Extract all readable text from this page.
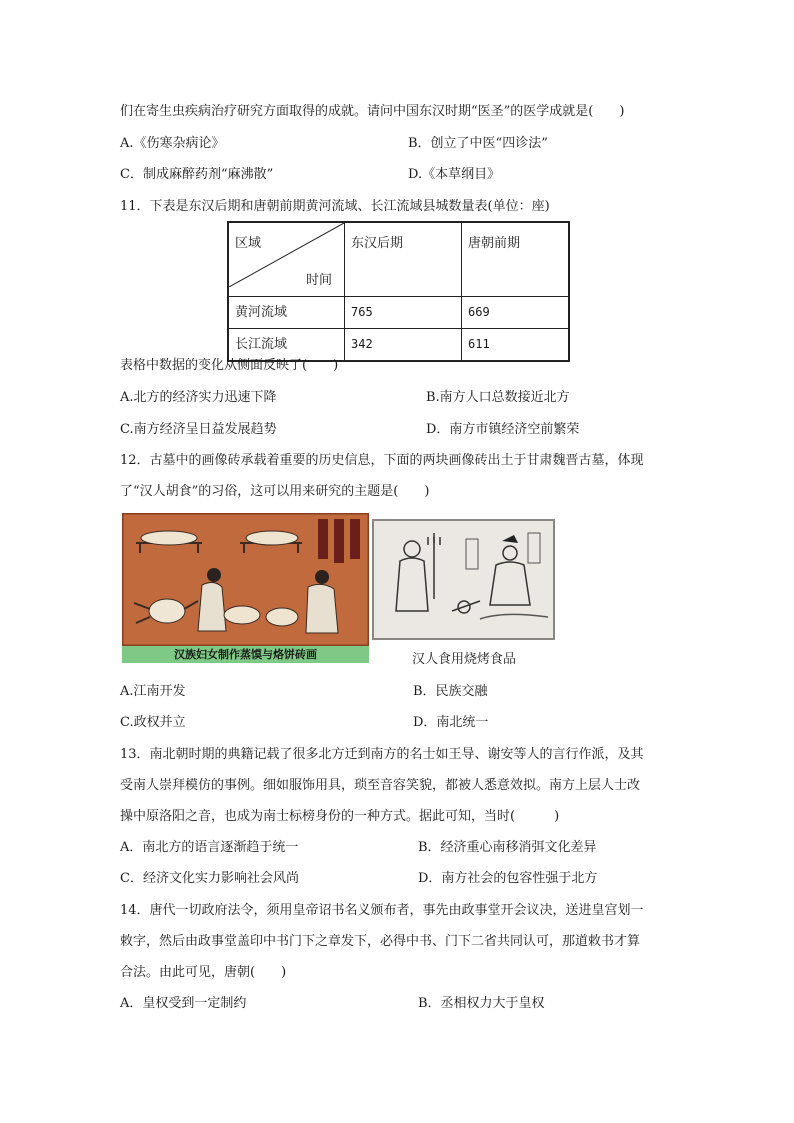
们在寄生虫疾病治疗研究方面取得的成就。请问中国东汉时期“医圣”的医学成就是(　　)
A.《伤寒杂病论》	B．创立了中医“四诊法”
C．制成麻醉药剂“麻沸散”	D.《本草纲目》
11．下表是东汉后期和唐朝前期黄河流域、长江流域县城数量表(单位：座)
区域
时间	东汉后期	唐朝前期
黄河流域	765	669
长江流域	342	611
表格中数据的变化从侧面反映了(　　)
A.北方的经济实力迅速下降	B.南方人口总数接近北方
C.南方经济呈日益发展趋势	D．南方市镇经济空前繁荣
12．古墓中的画像砖承载着重要的历史信息，下面的两块画像砖出土于甘肃魏晋古墓，体现
了“汉人胡食”的习俗，这可以用来研究的主题是(　　)
汉族妇女制作蒸馍与烙饼砖画	汉人食用烧烤食品
A.江南开发	B．民族交融
C.政权并立	D．南北统一
13．南北朝时期的典籍记载了很多北方迁到南方的名士如王导、谢安等人的言行作派，及其
受南人崇拜模仿的事例。细如服饰用具，琐至音容笑貌，都被人悉意效拟。南方上层人士改
操中原洛阳之音，也成为南士标榜身份的一种方式。据此可知，当时(　　　)
A．南北方的语言逐渐趋于统一	B．经济重心南移消弭文化差异
C．经济文化实力影响社会风尚	D．南方社会的包容性强于北方
14．唐代一切政府法令，须用皇帝诏书名义颁布者，事先由政事堂开会议决，送进皇宫划一
敕字，然后由政事堂盖印中书门下之章发下，必得中书、门下二省共同认可，那道敕书才算
合法。由此可见，唐朝(　　)
A．皇权受到一定制约	B．丞相权力大于皇权
